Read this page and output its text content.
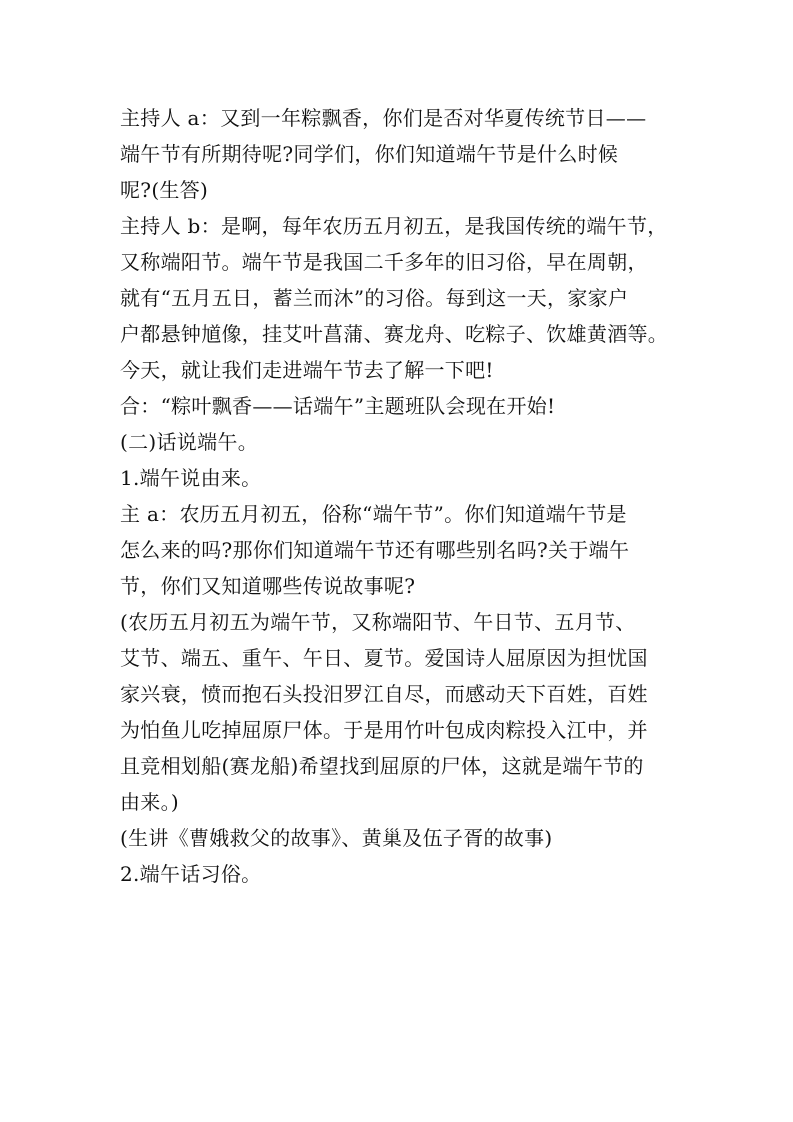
主持人 a：又到一年粽飘香，你们是否对华夏传统节日——
端午节有所期待呢?同学们，你们知道端午节是什么时候
呢?(生答)
主持人 b：是啊，每年农历五月初五，是我国传统的端午节，
又称端阳节。端午节是我国二千多年的旧习俗，早在周朝，
就有“五月五日，蓄兰而沐”的习俗。每到这一天，家家户
户都悬钟馗像，挂艾叶菖蒲、赛龙舟、吃粽子、饮雄黄酒等。
今天，就让我们走进端午节去了解一下吧!
合：“粽叶飘香——话端午”主题班队会现在开始!
(二)话说端午。
1.端午说由来。
主 a：农历五月初五，俗称“端午节”。你们知道端午节是
怎么来的吗?那你们知道端午节还有哪些别名吗?关于端午
节，你们又知道哪些传说故事呢?
(农历五月初五为端午节，又称端阳节、午日节、五月节、
艾节、端五、重午、午日、夏节。爱国诗人屈原因为担忧国
家兴衰，愤而抱石头投汨罗江自尽，而感动天下百姓，百姓
为怕鱼儿吃掉屈原尸体。于是用竹叶包成肉粽投入江中，并
且竞相划船(赛龙船)希望找到屈原的尸体，这就是端午节的
由来。)
(生讲《曹娥救父的故事》、黄巢及伍子胥的故事)
2.端午话习俗。
